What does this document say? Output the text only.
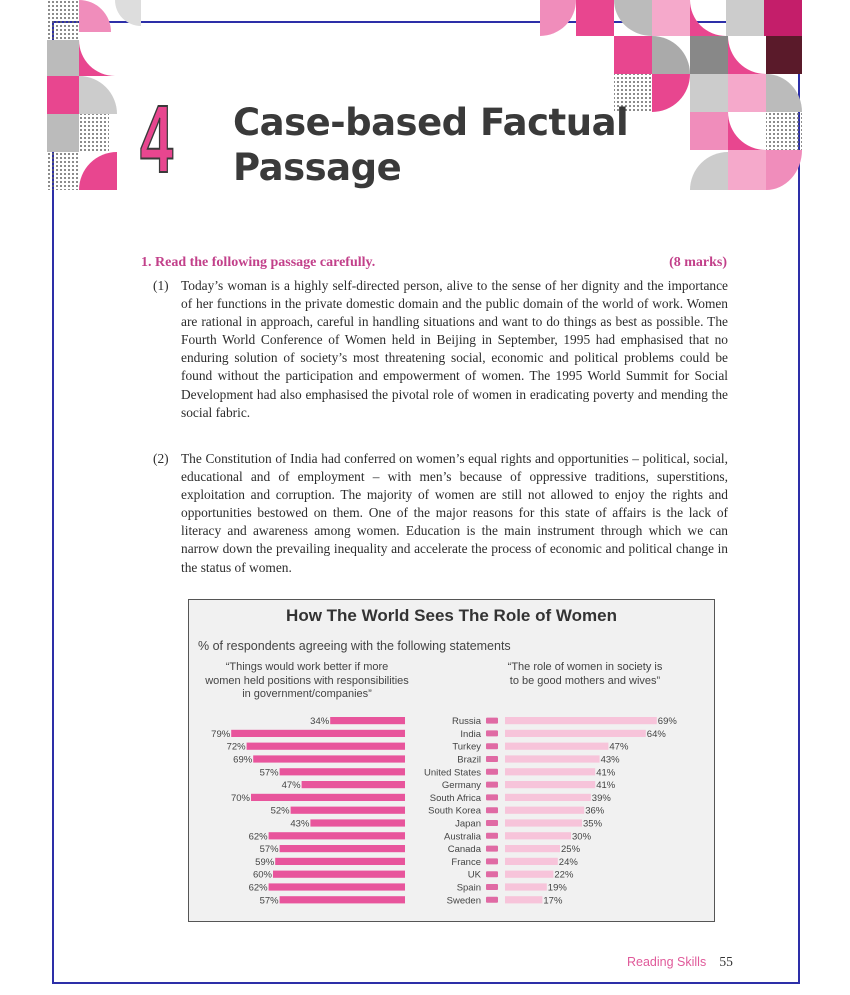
4 Case-based Factual
Passage
1. Read the following passage carefully.	(8 marks)
(1) Today’s woman is a highly self-directed person, alive to the sense of her dignity and the importance of her functions in the private domestic domain and the public domain of the world of work. Women are rational in approach, careful in handling situations and want to do things as best as possible. The Fourth World Conference of Women held in Beijing in September, 1995 had emphasised that no enduring solution of society’s most threatening social, economic and political problems could be found without the participation and empowerment of women. The 1995 World Summit for Social Development had also emphasised the pivotal role of women in eradicating poverty and mending the social fabric.
(2) The Constitution of India had conferred on women’s equal rights and opportunities – political, social, educational and of employment – with men’s because of oppressive traditions, superstitions, exploitation and corruption. The majority of women are still not allowed to enjoy the rights and opportunities bestowed on them. One of the major reasons for this state of affairs is the lack of literacy and awareness among women. Education is the main instrument through which we can narrow down the prevailing inequality and accelerate the process of economic and political change in the status of women.
How The World Sees The Role of Women
% of respondents agreeing with the following statements
“Things would work better if more
women held positions with responsibilities
in government/companies”
“The role of women in society is
to be good mothers and wives”
34%	Russia	69%
79%	India	64%
72%	Turkey	47%
69%	Brazil	43%
57%	United States	41%
47%	Germany	41%
70%	South Africa	39%
52%	South Korea	36%
43%	Japan	35%
62%	Australia	30%
57%	Canada	25%
59%	France	24%
60%	UK	22%
62%	Spain	19%
57%	Sweden	17%
Reading Skills 55
